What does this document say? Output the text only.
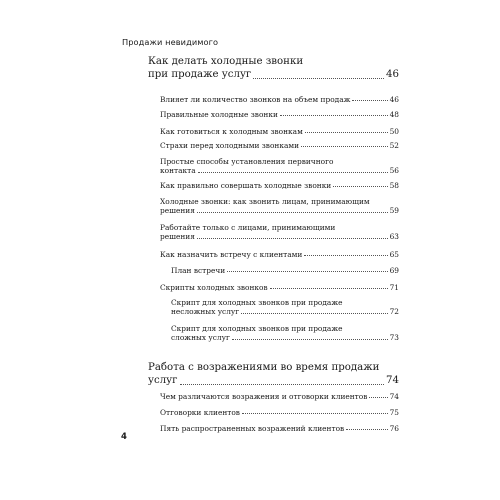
Продажи невидимого
Как делать холодные звонки
при продаже услуг	46
Влияет ли количество звонков на объем продаж	46
Правильные холодные звонки	48
Как готовиться к холодным звонкам	50
Страхи перед холодными звонками	52
Простые способы установления первичного
контакта	56
Как правильно совершать холодные звонки	58
Холодные звонки: как звонить лицам, принимающим
решения	59
Работайте только с лицами, принимающими
решения	63
Как назначить встречу с клиентами	65
План встречи	69
Скрипты холодных звонков	71
Скрипт для холодных звонков при продаже
несложных услуг	72
Скрипт для холодных звонков при продаже
сложных услуг	73
Работа с возражениями во время продажи
услуг	74
Чем различаются возражения и отговорки клиентов	74
Отговорки клиентов	75
Пять распространенных возражений клиентов	76
4
